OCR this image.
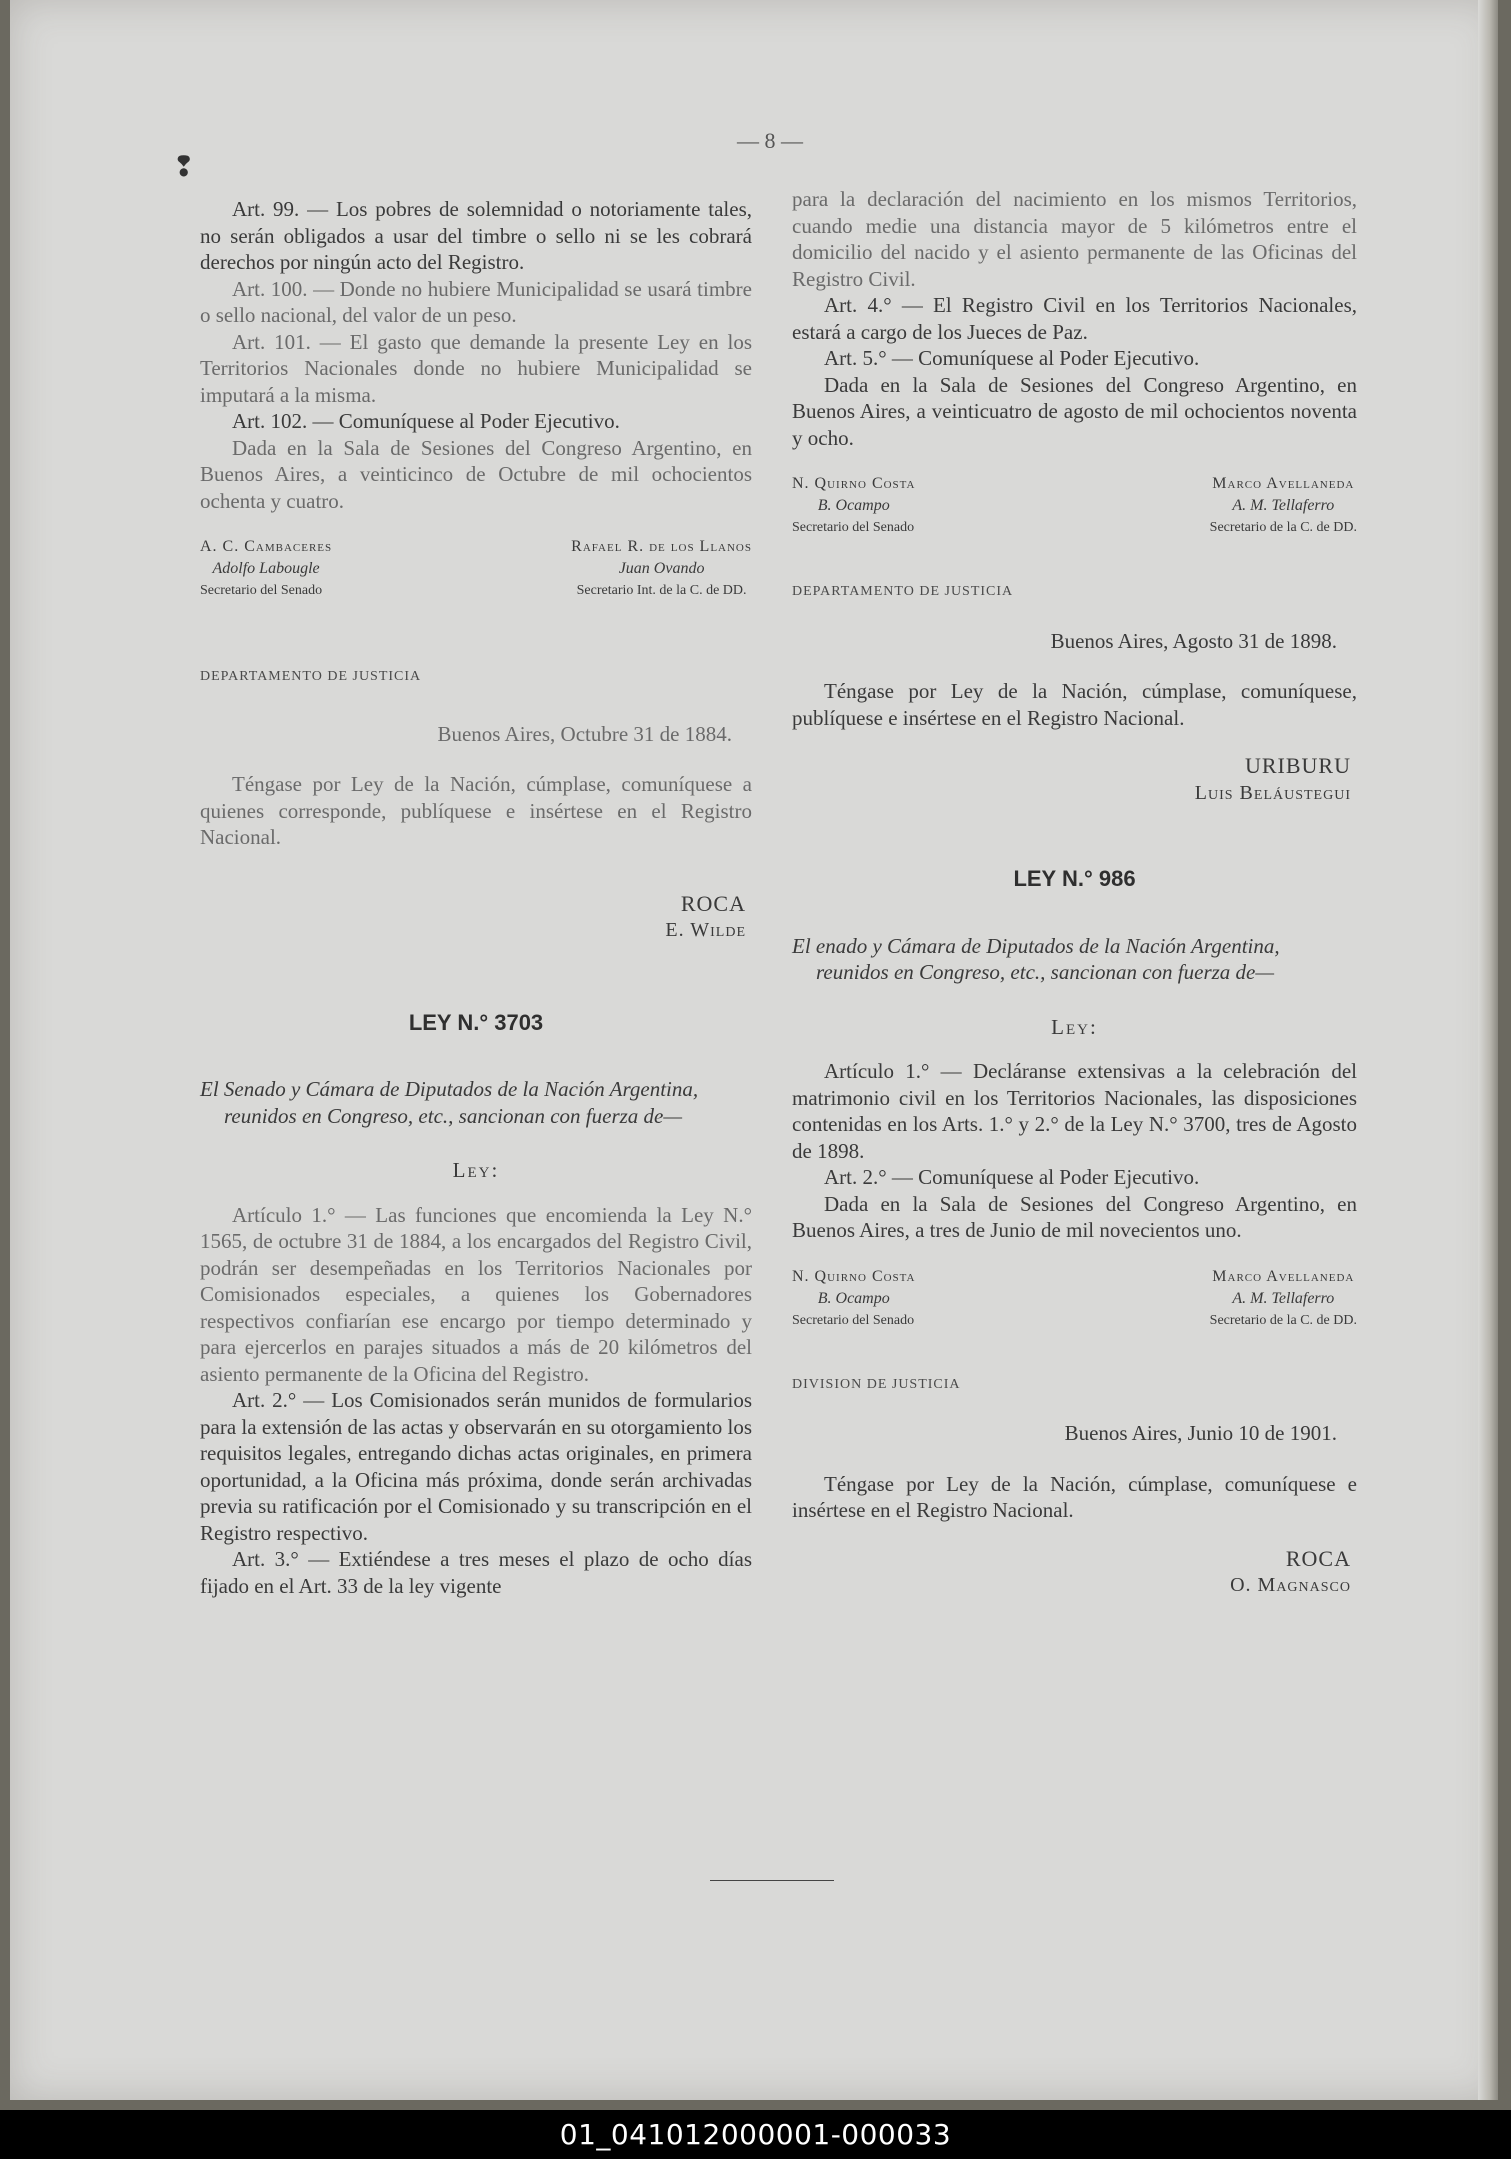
❢
— 8 —

Art. 99. — Los pobres de solemnidad o notoriamente tales, no serán obligados a usar del timbre o sello ni se les cobrará derechos por ningún acto del Registro.

Art. 100. — Donde no hubiere Municipalidad se usará timbre o sello nacional, del valor de un peso.

Art. 101. — El gasto que demande la presente Ley en los Territorios Nacionales donde no hubiere Municipalidad se imputará a la misma.

Art. 102. — Comuníquese al Poder Ejecutivo.

Dada en la Sala de Sesiones del Congreso Argentino, en Buenos Aires, a veinticinco de Octubre de mil ochocientos ochenta y cuatro.

A. C. Cambaceres
Adolfo Labougle
Secretario del Senado
Rafael R. de los Llanos
Juan Ovando
Secretario Int. de la C. de DD.
DEPARTAMENTO DE JUSTICIA
Buenos Aires, Octubre 31 de 1884.

Téngase por Ley de la Nación, cúmplase, comuníquese a quienes corresponde, publíquese e insértese en el Registro Nacional.

ROCA
E. Wilde
LEY N.° 3703

El Senado y Cámara de Diputados de la Nación Argentina, reunidos en Congreso, etc., sancionan con fuerza de—

Ley:

Artículo 1.° — Las funciones que encomienda la Ley N.° 1565, de octubre 31 de 1884, a los encargados del Registro Civil, podrán ser desempeñadas en los Territorios Nacionales por Comisionados especiales, a quienes los Gobernadores respectivos confiarían ese encargo por tiempo determinado y para ejercerlos en parajes situados a más de 20 kilómetros del asiento permanente de la Oficina del Registro.

Art. 2.° — Los Comisionados serán munidos de formularios para la extensión de las actas y observarán en su otorgamiento los requisitos legales, entregando dichas actas originales, en primera oportunidad, a la Oficina más próxima, donde serán archivadas previa su ratificación por el Comisionado y su transcripción en el Registro respectivo.

Art. 3.° — Extiéndese a tres meses el plazo de ocho días fijado en el Art. 33 de la ley vigente

para la declaración del nacimiento en los mismos Territorios, cuando medie una distancia mayor de 5 kilómetros entre el domicilio del nacido y el asiento permanente de las Oficinas del Registro Civil.

Art. 4.° — El Registro Civil en los Territorios Nacionales, estará a cargo de los Jueces de Paz.

Art. 5.° — Comuníquese al Poder Ejecutivo.

Dada en la Sala de Sesiones del Congreso Argentino, en Buenos Aires, a veinticuatro de agosto de mil ochocientos noventa y ocho.

N. Quirno Costa
B. Ocampo
Secretario del Senado
Marco Avellaneda
A. M. Tellaferro
Secretario de la C. de DD.
DEPARTAMENTO DE JUSTICIA
Buenos Aires, Agosto 31 de 1898.

Téngase por Ley de la Nación, cúmplase, comuníquese, publíquese e insértese en el Registro Nacional.

URIBURU
Luis Beláustegui
LEY N.° 986

El enado y Cámara de Diputados de la Nación Argentina, reunidos en Congreso, etc., sancionan con fuerza de—

Ley:

Artículo 1.° — Decláranse extensivas a la celebración del matrimonio civil en los Territorios Nacionales, las disposiciones contenidas en los Arts. 1.° y 2.° de la Ley N.° 3700, tres de Agosto de 1898.

Art. 2.° — Comuníquese al Poder Ejecutivo.

Dada en la Sala de Sesiones del Congreso Argentino, en Buenos Aires, a tres de Junio de mil novecientos uno.

N. Quirno Costa
B. Ocampo
Secretario del Senado
Marco Avellaneda
A. M. Tellaferro
Secretario de la C. de DD.
DIVISION DE JUSTICIA
Buenos Aires, Junio 10 de 1901.

Téngase por Ley de la Nación, cúmplase, comuníquese e insértese en el Registro Nacional.

ROCA
O. Magnasco
01_041012000001-000033
